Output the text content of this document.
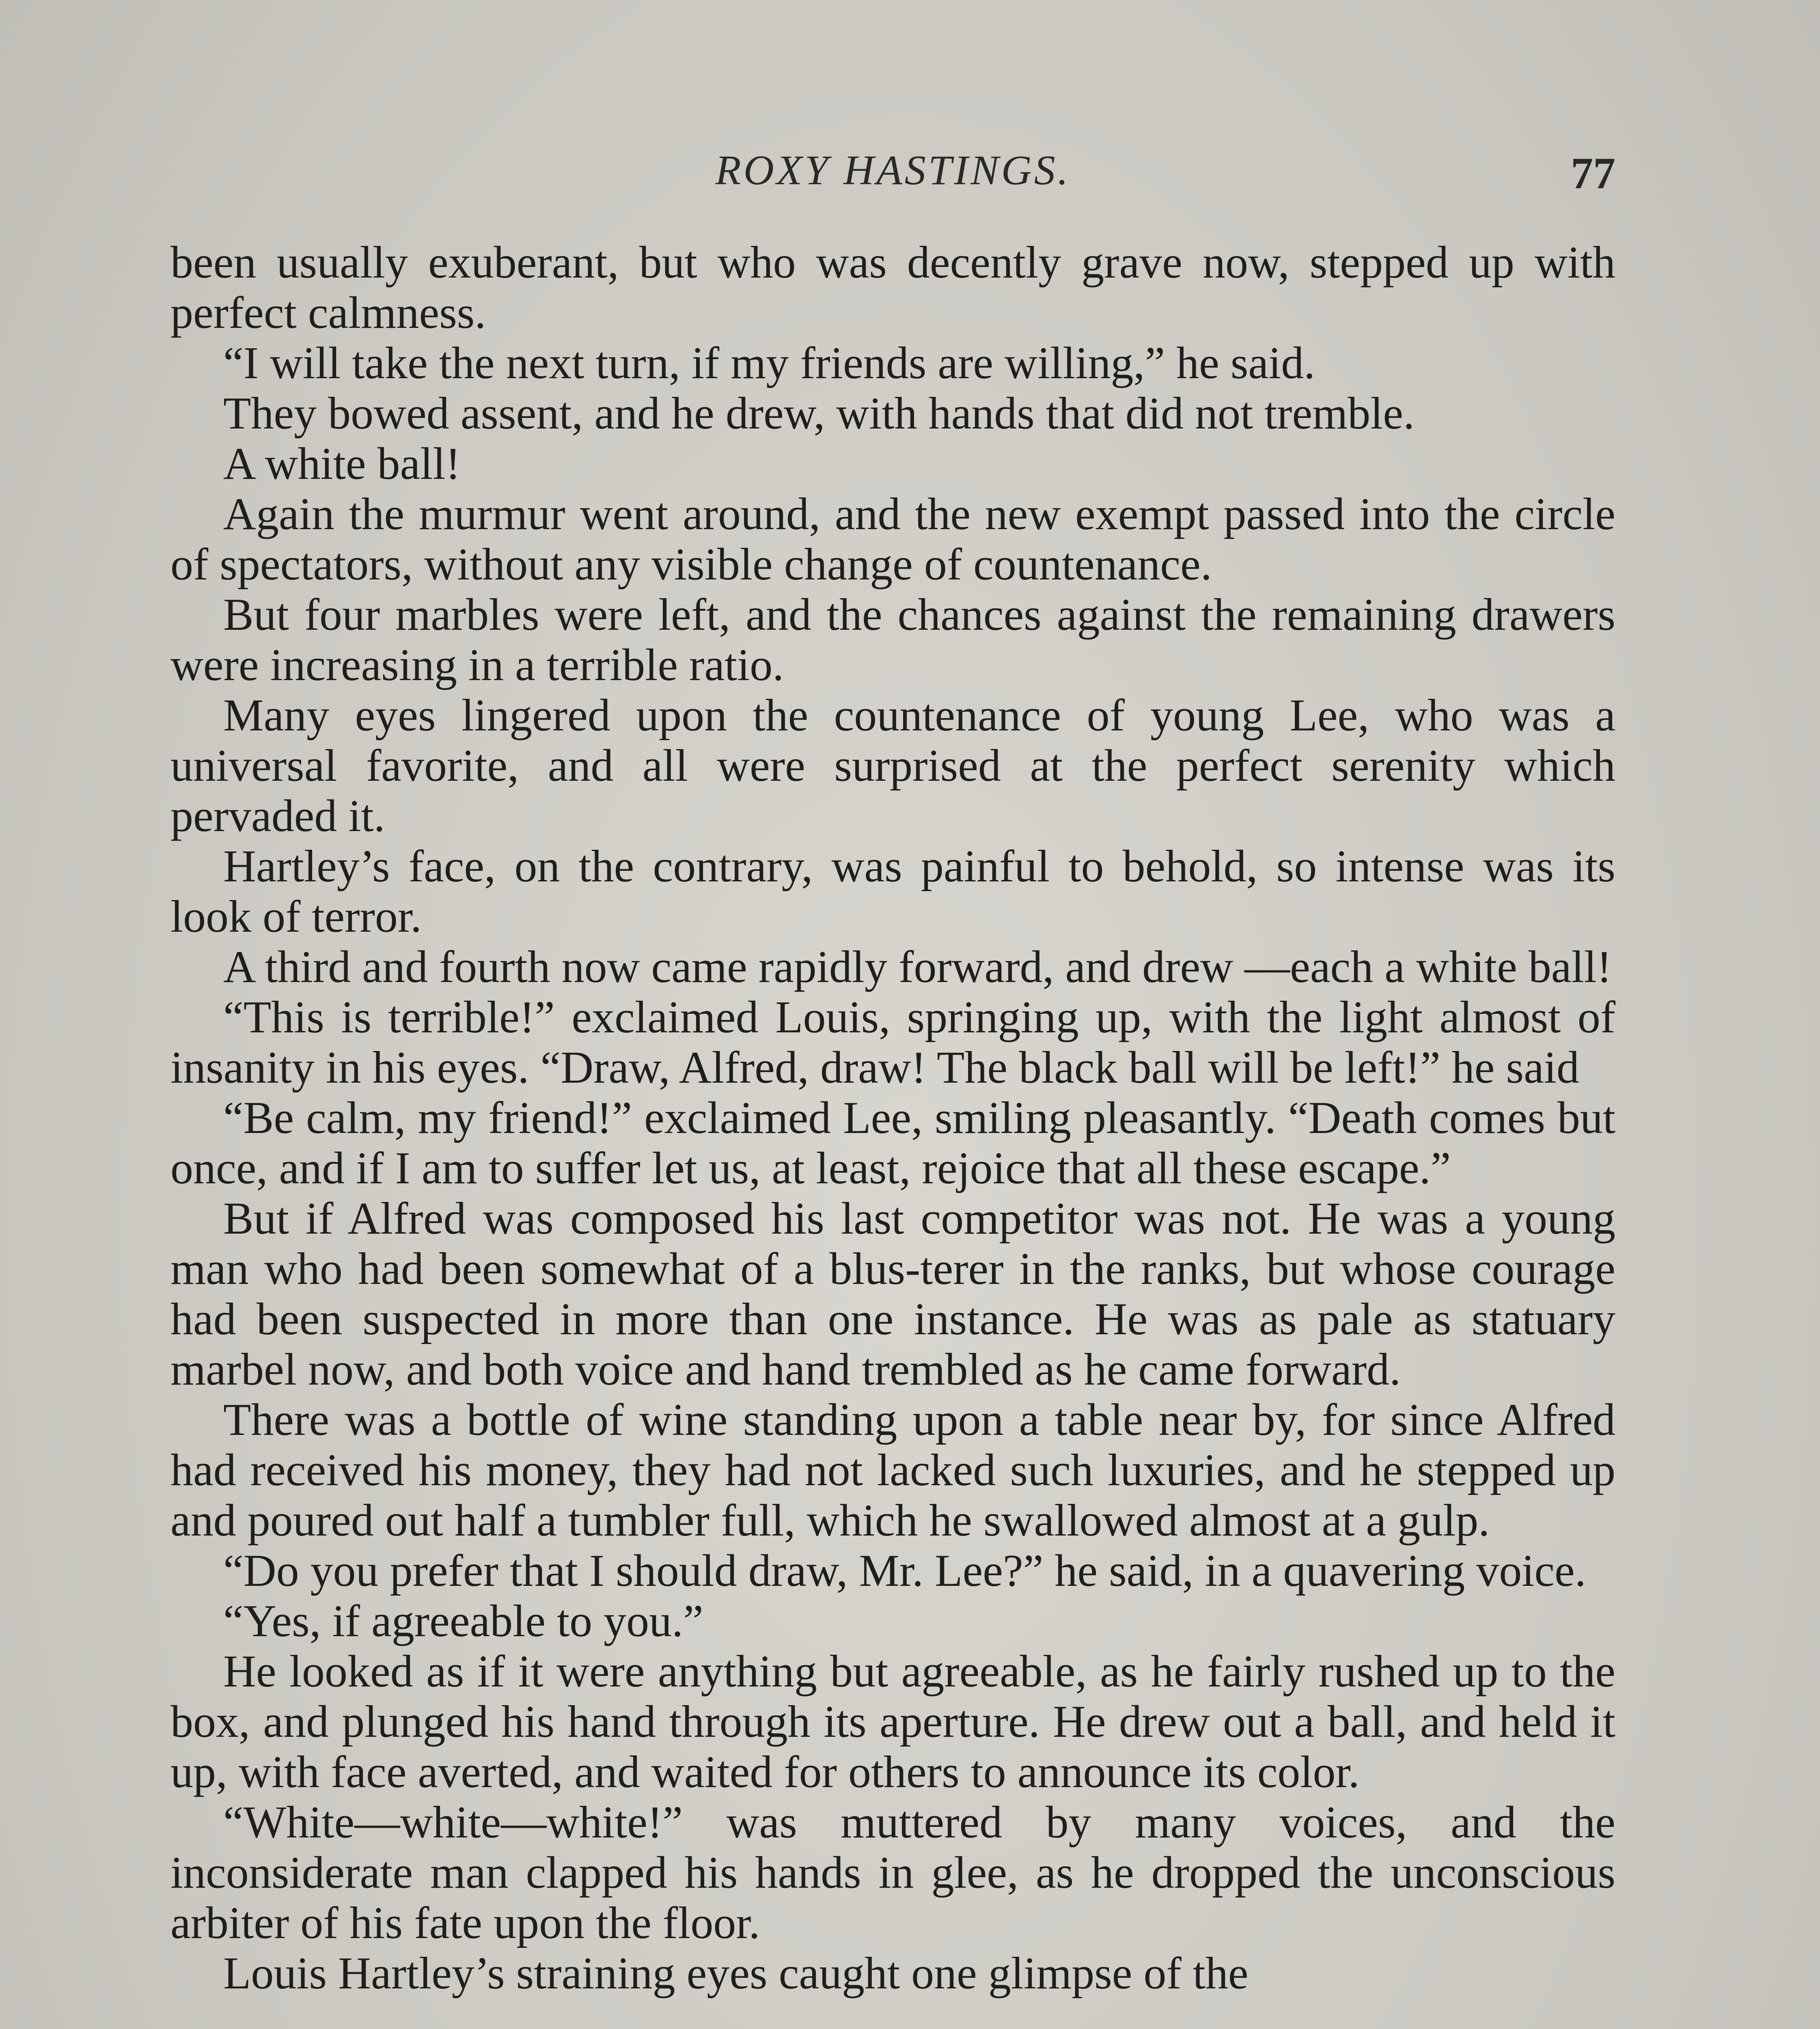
ROXY HASTINGS.	77

been usually exuberant, but who was decently grave now, stepped up with perfect calmness.

“I will take the next turn, if my friends are willing,” he said.

They bowed assent, and he drew, with hands that did not tremble.

A white ball!

Again the murmur went around, and the new exempt passed into the circle of spectators, without any visible change of countenance.

But four marbles were left, and the chances against the remaining drawers were increasing in a terrible ratio.

Many eyes lingered upon the countenance of young Lee, who was a universal favorite, and all were surprised at the perfect serenity which pervaded it.

Hartley’s face, on the contrary, was painful to behold, so intense was its look of terror.

A third and fourth now came rapidly forward, and drew —each a white ball!

“This is terrible!” exclaimed Louis, springing up, with the light almost of insanity in his eyes. “Draw, Alfred, draw! The black ball will be left!” he said

“Be calm, my friend!” exclaimed Lee, smiling pleasantly. “Death comes but once, and if I am to suffer let us, at least, rejoice that all these escape.”

But if Alfred was composed his last competitor was not. He was a young man who had been somewhat of a blus-terer in the ranks, but whose courage had been suspected in more than one instance. He was as pale as statuary marbel now, and both voice and hand trembled as he came forward.

There was a bottle of wine standing upon a table near by, for since Alfred had received his money, they had not lacked such luxuries, and he stepped up and poured out half a tumbler full, which he swallowed almost at a gulp.

“Do you prefer that I should draw, Mr. Lee?” he said, in a quavering voice.

“Yes, if agreeable to you.”

He looked as if it were anything but agreeable, as he fairly rushed up to the box, and plunged his hand through its aperture. He drew out a ball, and held it up, with face averted, and waited for others to announce its color.

“White—white—white!” was muttered by many voices, and the inconsiderate man clapped his hands in glee, as he dropped the unconscious arbiter of his fate upon the floor.

Louis Hartley’s straining eyes caught one glimpse of the
